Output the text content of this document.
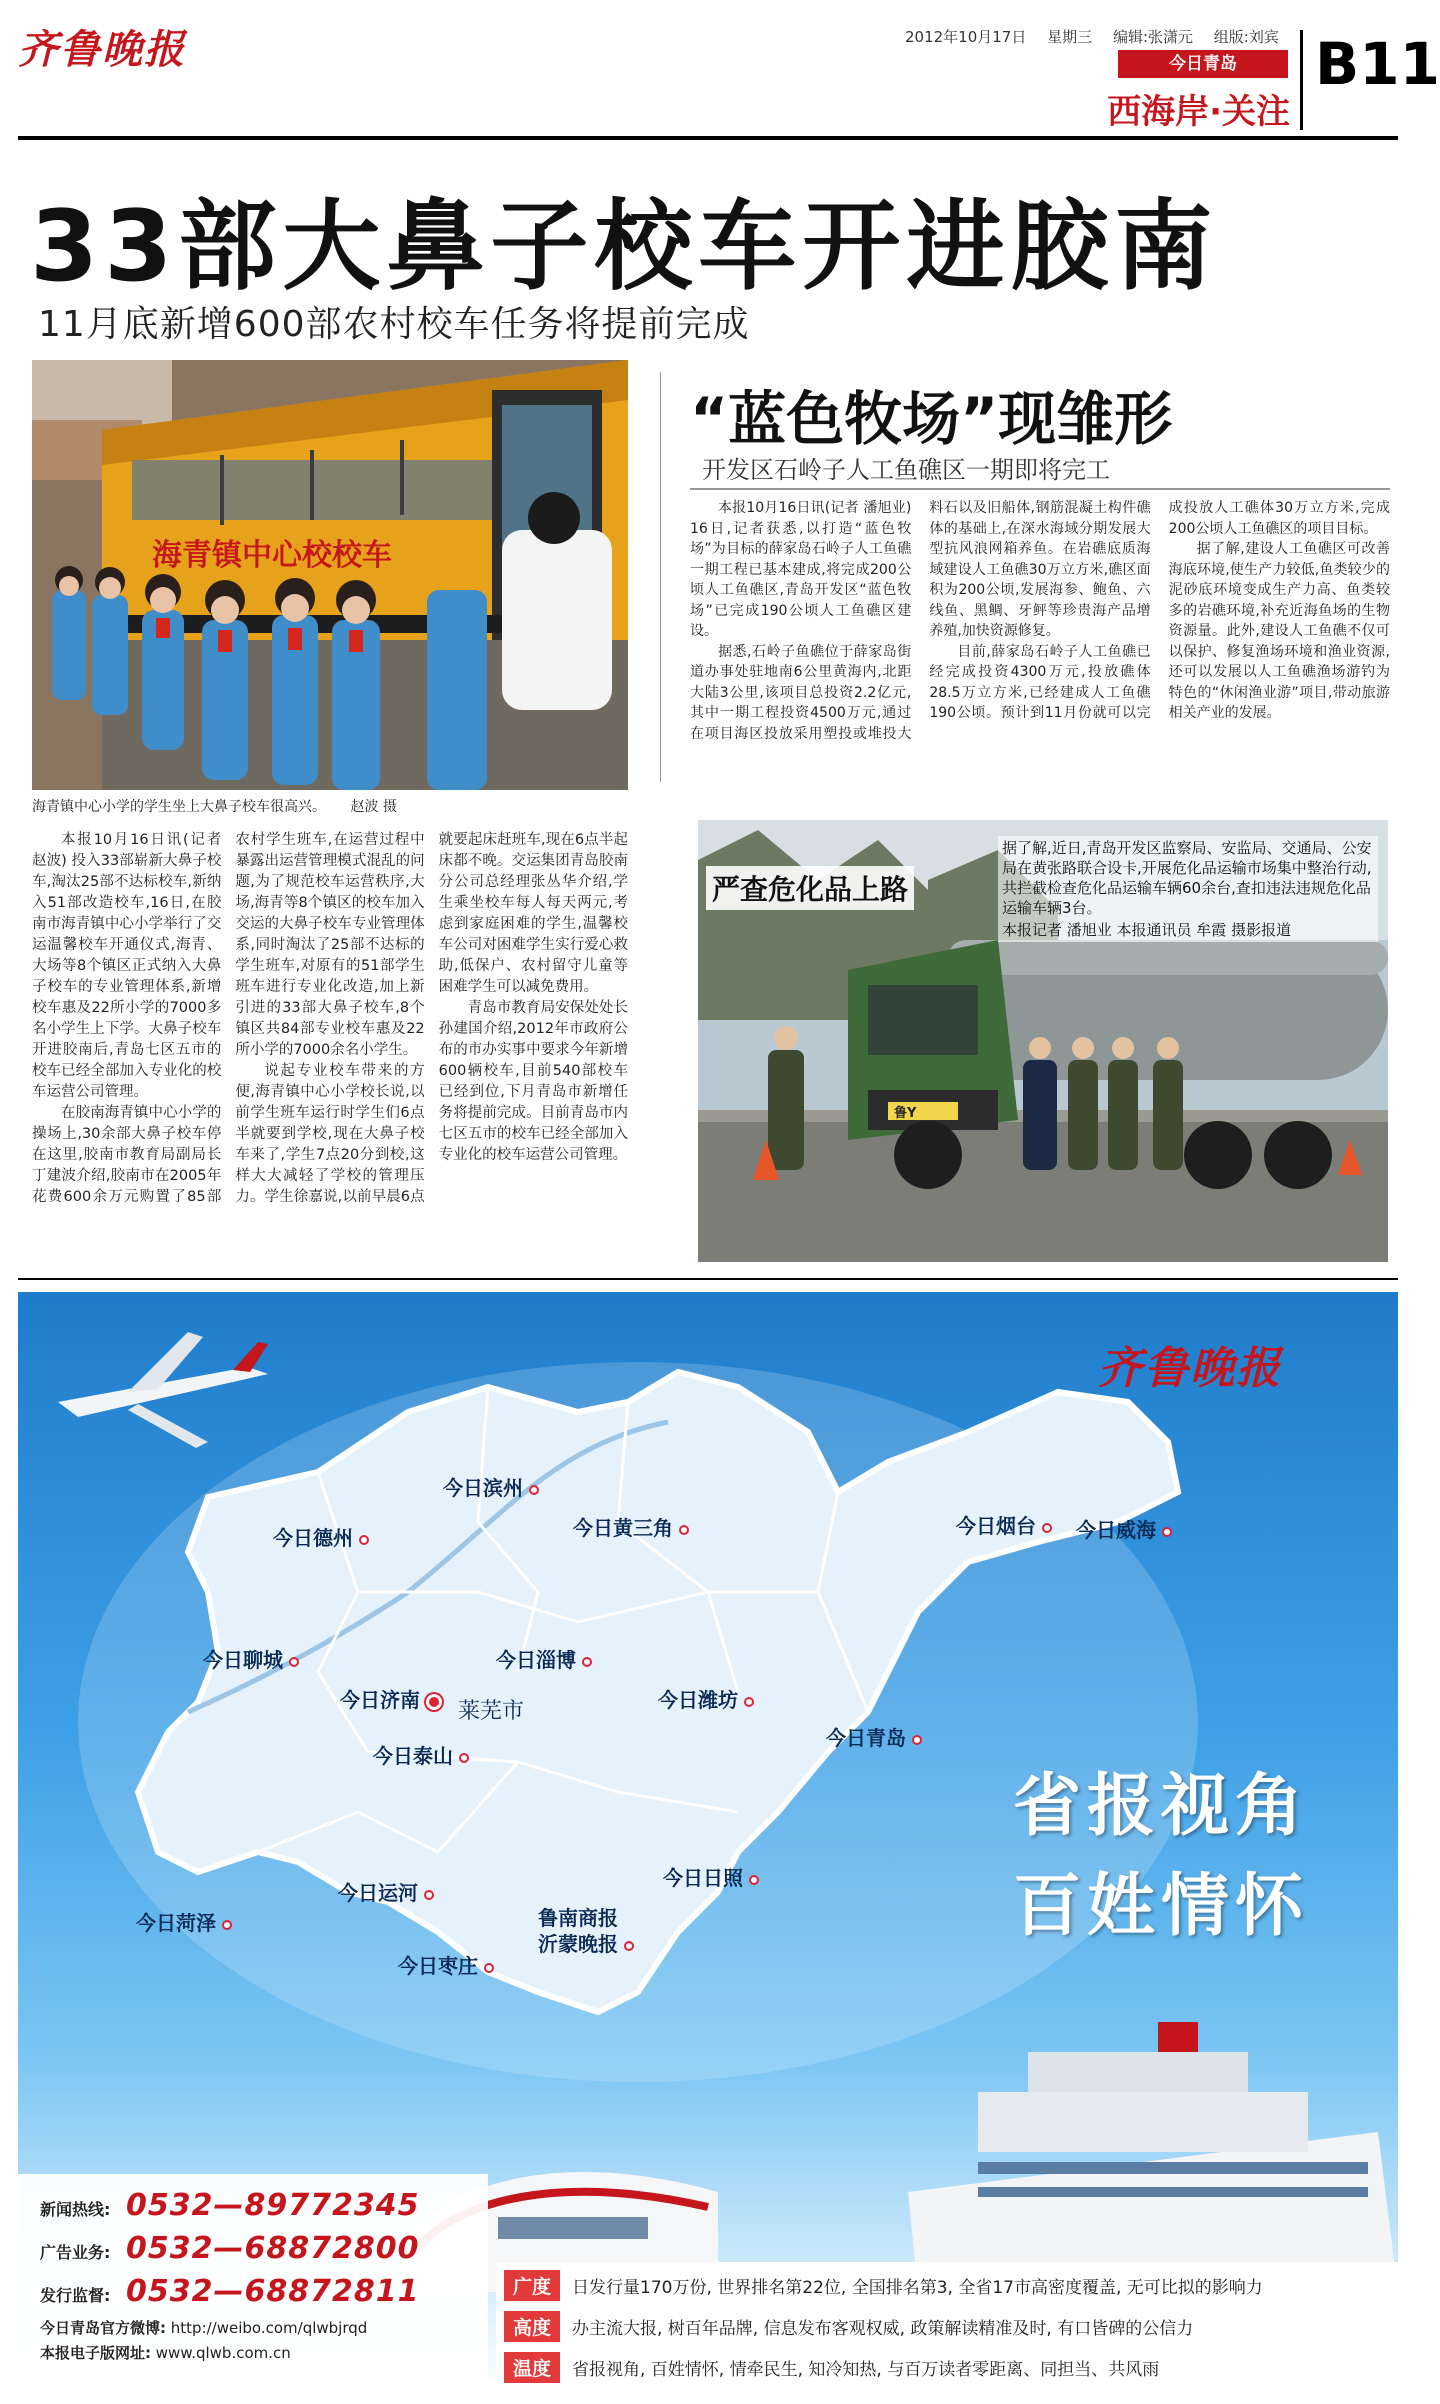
齐鲁晚报	2012年10月17日 星期三 编辑:张潇元 组版:刘宾
今日青岛
西海岸·关注
B11
33部大鼻子校车开进胶南
11月底新增600部农村校车任务将提前完成
海青镇中心校校车
海青镇中心小学的学生坐上大鼻子校车很高兴。 赵波 摄

本报10月16日讯(记者 赵波) 投入33部崭新大鼻子校车,淘汰25部不达标校车,新纳入51部改造校车,16日,在胶南市海青镇中心小学举行了交运温馨校车开通仪式,海青、大场等8个镇区正式纳入大鼻子校车的专业管理体系,新增校车惠及22所小学的7000多名小学生上下学。大鼻子校车开进胶南后,青岛七区五市的校车已经全部加入专业化的校车运营公司管理。

在胶南海青镇中心小学的操场上,30余部大鼻子校车停在这里,胶南市教育局副局长丁建波介绍,胶南市在2005年花费600余万元购置了85部农村学生班车,在运营过程中暴露出运营管理模式混乱的问题,为了规范校车运营秩序,大场,海青等8个镇区的校车加入交运的大鼻子校车专业管理体系,同时淘汰了25部不达标的学生班车,对原有的51部学生班车进行专业化改造,加上新引进的33部大鼻子校车,8个镇区共84部专业校车惠及22所小学的7000余名小学生。

说起专业校车带来的方便,海青镇中心小学校长说,以前学生班车运行时学生们6点半就要到学校,现在大鼻子校车来了,学生7点20分到校,这样大大减轻了学校的管理压力。学生徐嘉说,以前早晨6点就要起床赶班车,现在6点半起床都不晚。交运集团青岛胶南分公司总经理张丛华介绍,学生乘坐校车每人每天两元,考虑到家庭困难的学生,温馨校车公司对困难学生实行爱心救助,低保户、农村留守儿童等困难学生可以减免费用。

青岛市教育局安保处处长孙建国介绍,2012年市政府公布的市办实事中要求今年新增600辆校车,目前540部校车已经到位,下月青岛市新增任务将提前完成。目前青岛市内七区五市的校车已经全部加入专业化的校车运营公司管理。

“蓝色牧场”现雏形
开发区石岭子人工鱼礁区一期即将完工

本报10月16日讯(记者 潘旭业) 16日,记者获悉,以打造“蓝色牧场”为目标的薛家岛石岭子人工鱼礁一期工程已基本建成,将完成200公顷人工鱼礁区,青岛开发区“蓝色牧场”已完成190公顷人工鱼礁区建设。

据悉,石岭子鱼礁位于薛家岛街道办事处驻地南6公里黄海内,北距大陆3公里,该项目总投资2.2亿元,其中一期工程投资4500万元,通过在项目海区投放采用塑投或堆投大料石以及旧船体,钢筋混凝土构件礁体的基础上,在深水海域分期发展大型抗风浪网箱养鱼。在岩礁底质海域建设人工鱼礁30万立方米,礁区面积为200公顷,发展海参、鲍鱼、六线鱼、黑鲷、牙鲆等珍贵海产品增养殖,加快资源修复。

目前,薛家岛石岭子人工鱼礁已经完成投资4300万元,投放礁体28.5万立方米,已经建成人工鱼礁190公顷。预计到11月份就可以完成投放人工礁体30万立方米,完成200公顷人工鱼礁区的项目目标。

据了解,建设人工鱼礁区可改善海底环境,使生产力较低,鱼类较少的泥砂底环境变成生产力高、鱼类较多的岩礁环境,补充近海鱼场的生物资源量。此外,建设人工鱼礁不仅可以保护、修复渔场环境和渔业资源,还可以发展以人工鱼礁渔场游钓为特色的“休闲渔业游”项目,带动旅游相关产业的发展。

鲁Y
严查危化品上路
据了解,近日,青岛开发区监察局、安监局、交通局、公安局在黄张路联合设卡,开展危化品运输市场集中整治行动,共拦截检查危化品运输车辆60余台,查扣违法违规危化品运输车辆3台。
本报记者 潘旭业 本报通讯员 牟霞 摄影报道
齐鲁晚报
今日滨州
今日德州	今日黄三角	今日烟台	今日威海
今日聊城	今日淄博
今日济南	莱芜市	今日潍坊
今日青岛
今日泰山
今日运河
今日菏泽
今日日照
鲁南商报
沂蒙晚报
今日枣庄
省报视角
百姓情怀
新闻热线: 0532—89772345
广告业务: 0532—68872800
发行监督: 0532—68872811
今日青岛官方微博: http://weibo.com/qlwbjrqd
本报电子版网址: www.qlwb.com.cn
广度	日发行量170万份, 世界排名第22位, 全国排名第3, 全省17市高密度覆盖, 无可比拟的影响力
高度	办主流大报, 树百年品牌, 信息发布客观权威, 政策解读精准及时, 有口皆碑的公信力
温度	省报视角, 百姓情怀, 情牵民生, 知冷知热, 与百万读者零距离、同担当、共风雨
